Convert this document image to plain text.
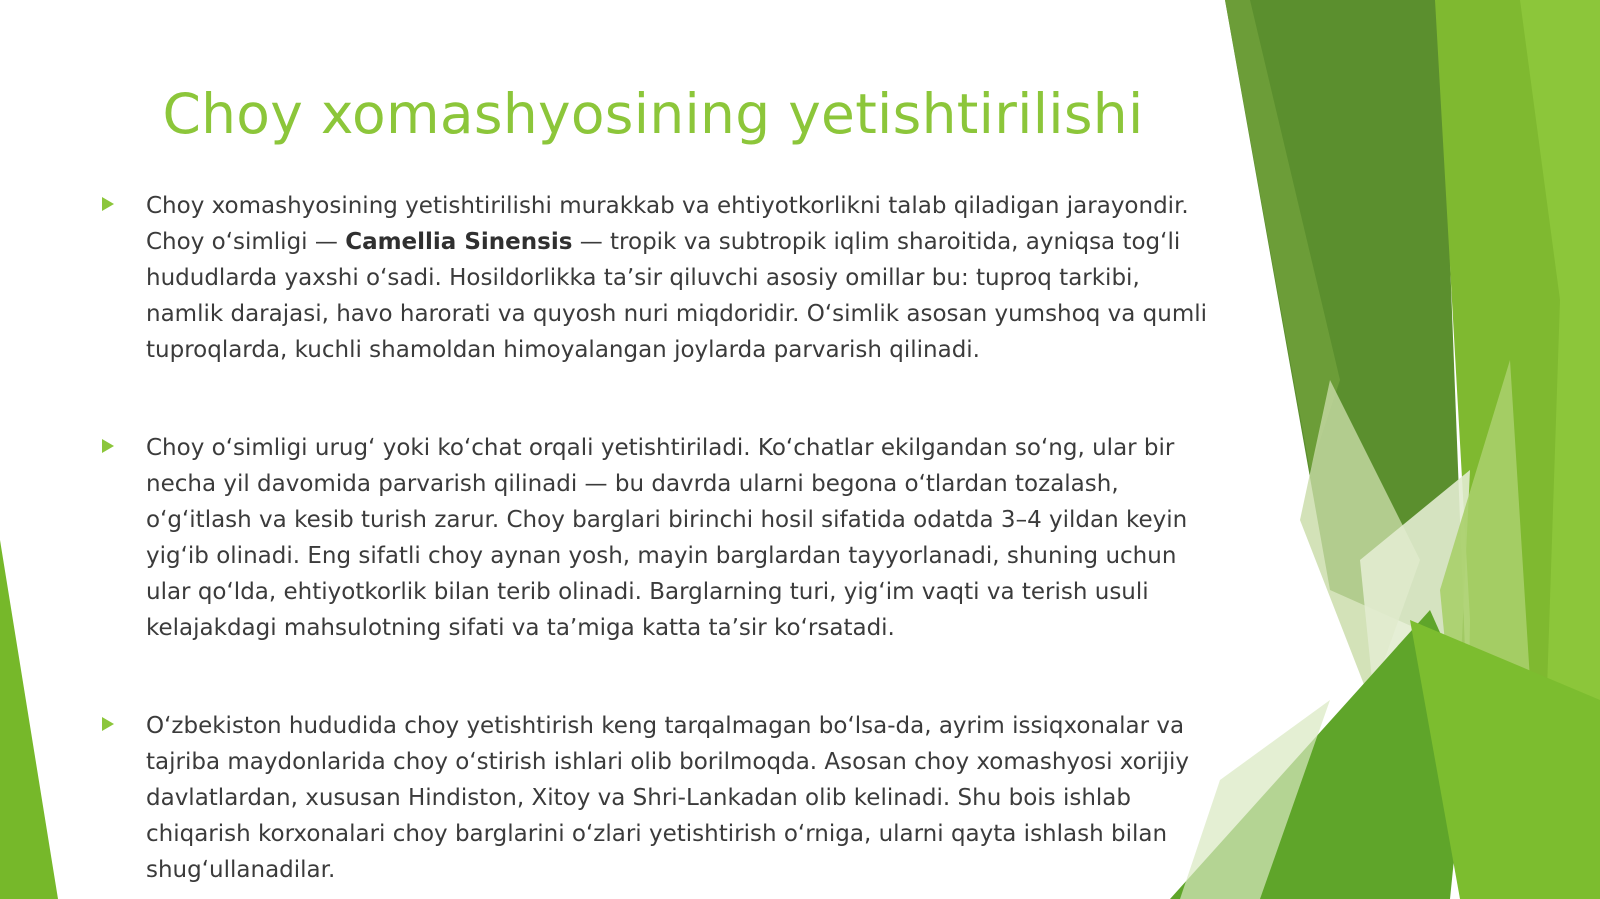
Choy xomashyosining yetishtirilishi

Choy xomashyosining yetishtirilishi murakkab va ehtiyotkorlikni talab qiladigan jarayondir. Choy oʻsimligi — Camellia Sinensis — tropik va subtropik iqlim sharoitida, ayniqsa togʻli hududlarda yaxshi oʻsadi. Hosildorlikka taʼsir qiluvchi asosiy omillar bu: tuproq tarkibi, namlik darajasi, havo harorati va quyosh nuri miqdoridir. Oʻsimlik asosan yumshoq va qumli tuproqlarda, kuchli shamoldan himoyalangan joylarda parvarish qilinadi.

Choy oʻsimligi urugʻ yoki koʻchat orqali yetishtiriladi. Koʻchatlar ekilgandan soʻng, ular bir necha yil davomida parvarish qilinadi — bu davrda ularni begona oʻtlardan tozalash, oʻgʻitlash va kesib turish zarur. Choy barglari birinchi hosil sifatida odatda 3–4 yildan keyin yigʻib olinadi. Eng sifatli choy aynan yosh, mayin barglardan tayyorlanadi, shuning uchun ular qoʻlda, ehtiyotkorlik bilan terib olinadi. Barglarning turi, yigʻim vaqti va terish usuli kelajakdagi mahsulotning sifati va taʼmiga katta taʼsir koʻrsatadi.

Oʻzbekiston hududida choy yetishtirish keng tarqalmagan boʻlsa-da, ayrim issiqxonalar va tajriba maydonlarida choy oʻstirish ishlari olib borilmoqda. Asosan choy xomashyosi xorijiy davlatlardan, xususan Hindiston, Xitoy va Shri-Lankadan olib kelinadi. Shu bois ishlab chiqarish korxonalari choy barglarini oʻzlari yetishtirish oʻrniga, ularni qayta ishlash bilan shugʻullanadilar.
